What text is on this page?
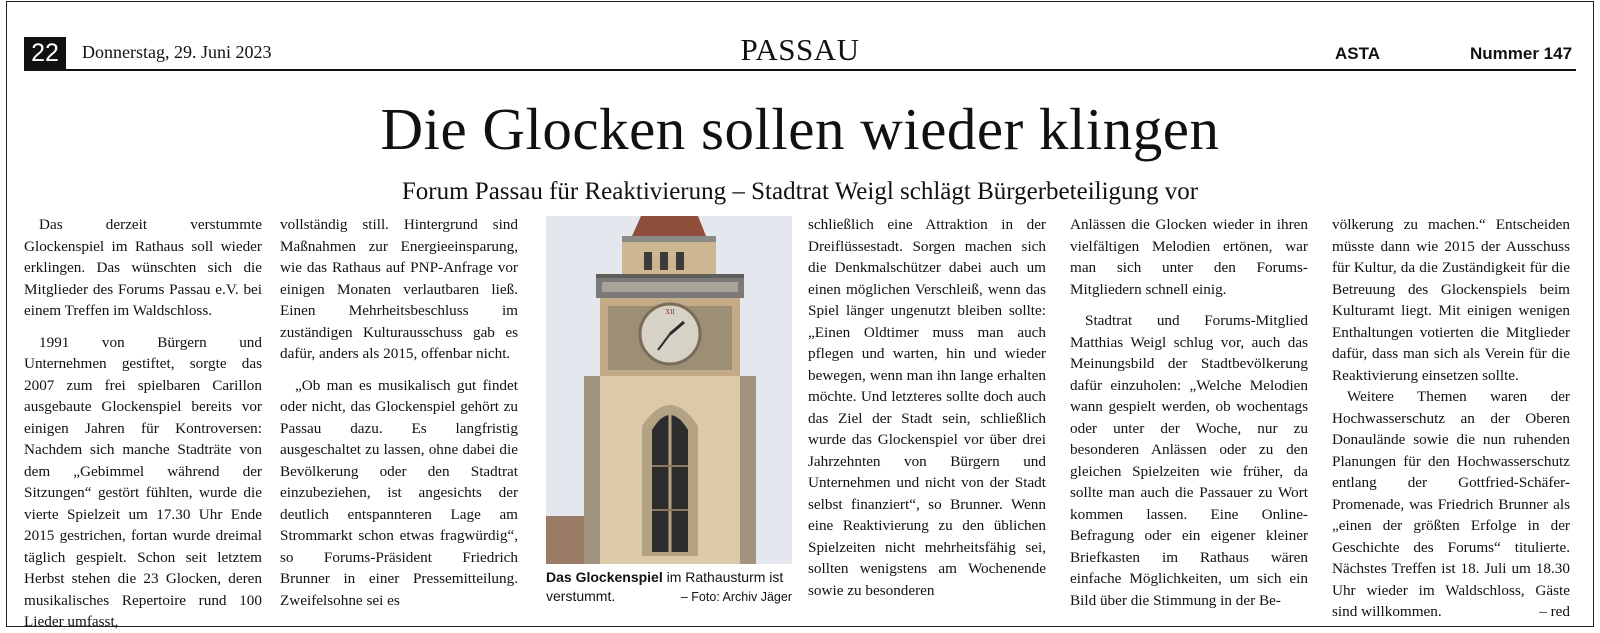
22	Donnerstag, 29. Juni 2023	PASSAU	ASTA	Nummer 147
Die Glocken sollen wieder klingen
Forum Passau für Reaktivierung – Stadtrat Weigl schlägt Bürgerbeteiligung vor

Das derzeit verstummte Glockenspiel im Rathaus soll wieder erklingen. Das wünschten sich die Mitglieder des Forums Passau e.V. bei einem Treffen im Waldschloss.

1991 von Bürgern und Unternehmen gestiftet, sorgte das 2007 zum frei spielbaren Carillon ausgebaute Glockenspiel bereits vor einigen Jahren für Kontroversen: Nachdem sich manche Stadträte von dem „Gebimmel während der Sitzungen“ gestört fühlten, wurde die vierte Spielzeit um 17.30 Uhr Ende 2015 gestrichen, fortan wurde dreimal täglich gespielt. Schon seit letztem Herbst stehen die 23 Glocken, deren musikalisches Repertoire rund 100 Lieder umfasst,

vollständig still. Hintergrund sind Maßnahmen zur Energieeinsparung, wie das Rathaus auf PNP-Anfrage vor einigen Monaten verlautbaren ließ. Einen Mehrheitsbeschluss im zuständigen Kulturausschuss gab es dafür, anders als 2015, offenbar nicht.

„Ob man es musikalisch gut findet oder nicht, das Glockenspiel gehört zu Passau dazu. Es langfristig ausgeschaltet zu lassen, ohne dabei die Bevölkerung oder den Stadtrat einzubeziehen, ist angesichts der deutlich entspannteren Lage am Strommarkt schon etwas fragwürdig“, so Forums-Präsident Friedrich Brunner in einer Pressemitteilung. Zweifelsohne sei es

XII
Das Glockenspiel im Rathausturm ist verstummt.	– Foto: Archiv Jäger

schließlich eine Attraktion in der Dreiflüssestadt. Sorgen machen sich die Denkmalschützer dabei auch um einen möglichen Verschleiß, wenn das Spiel länger ungenutzt bleiben sollte: „Einen Oldtimer muss man auch pflegen und warten, hin und wieder bewegen, wenn man ihn lange erhalten möchte. Und letzteres sollte doch auch das Ziel der Stadt sein, schließlich wurde das Glockenspiel vor über drei Jahrzehnten von Bürgern und Unternehmen und nicht von der Stadt selbst finanziert“, so Brunner. Wenn eine Reaktivierung zu den üblichen Spielzeiten nicht mehrheitsfähig sei, sollten wenigstens am Wochenende sowie zu besonderen

Anlässen die Glocken wieder in ihren vielfältigen Melodien ertönen, war man sich unter den Forums-Mitgliedern schnell einig.

Stadtrat und Forums-Mitglied Matthias Weigl schlug vor, auch das Meinungsbild der Stadtbevölkerung dafür einzuholen: „Welche Melodien wann gespielt werden, ob wochentags oder unter der Woche, nur zu besonderen Anlässen oder zu den gleichen Spielzeiten wie früher, da sollte man auch die Passauer zu Wort kommen lassen. Eine Online-Befragung oder ein eigener kleiner Briefkasten im Rathaus wären einfache Möglichkeiten, um sich ein Bild über die Stimmung in der Be-

völkerung zu machen.“ Entscheiden müsste dann wie 2015 der Ausschuss für Kultur, da die Zuständigkeit für die Betreuung des Glockenspiels beim Kulturamt liegt. Mit einigen wenigen Enthaltungen votierten die Mitglieder dafür, dass man sich als Verein für die Reaktivierung einsetzen sollte.

Weitere Themen waren der Hochwasserschutz an der Oberen Donaulände sowie die nun ruhenden Planungen für den Hochwasserschutz entlang der Gottfried-Schäfer-Promenade, was Friedrich Brunner als „einen der größten Erfolge in der Geschichte des Forums“ titulierte. Nächstes Treffen ist 18. Juli um 18.30 Uhr wieder im Waldschloss, Gäste sind willkommen.	– red
